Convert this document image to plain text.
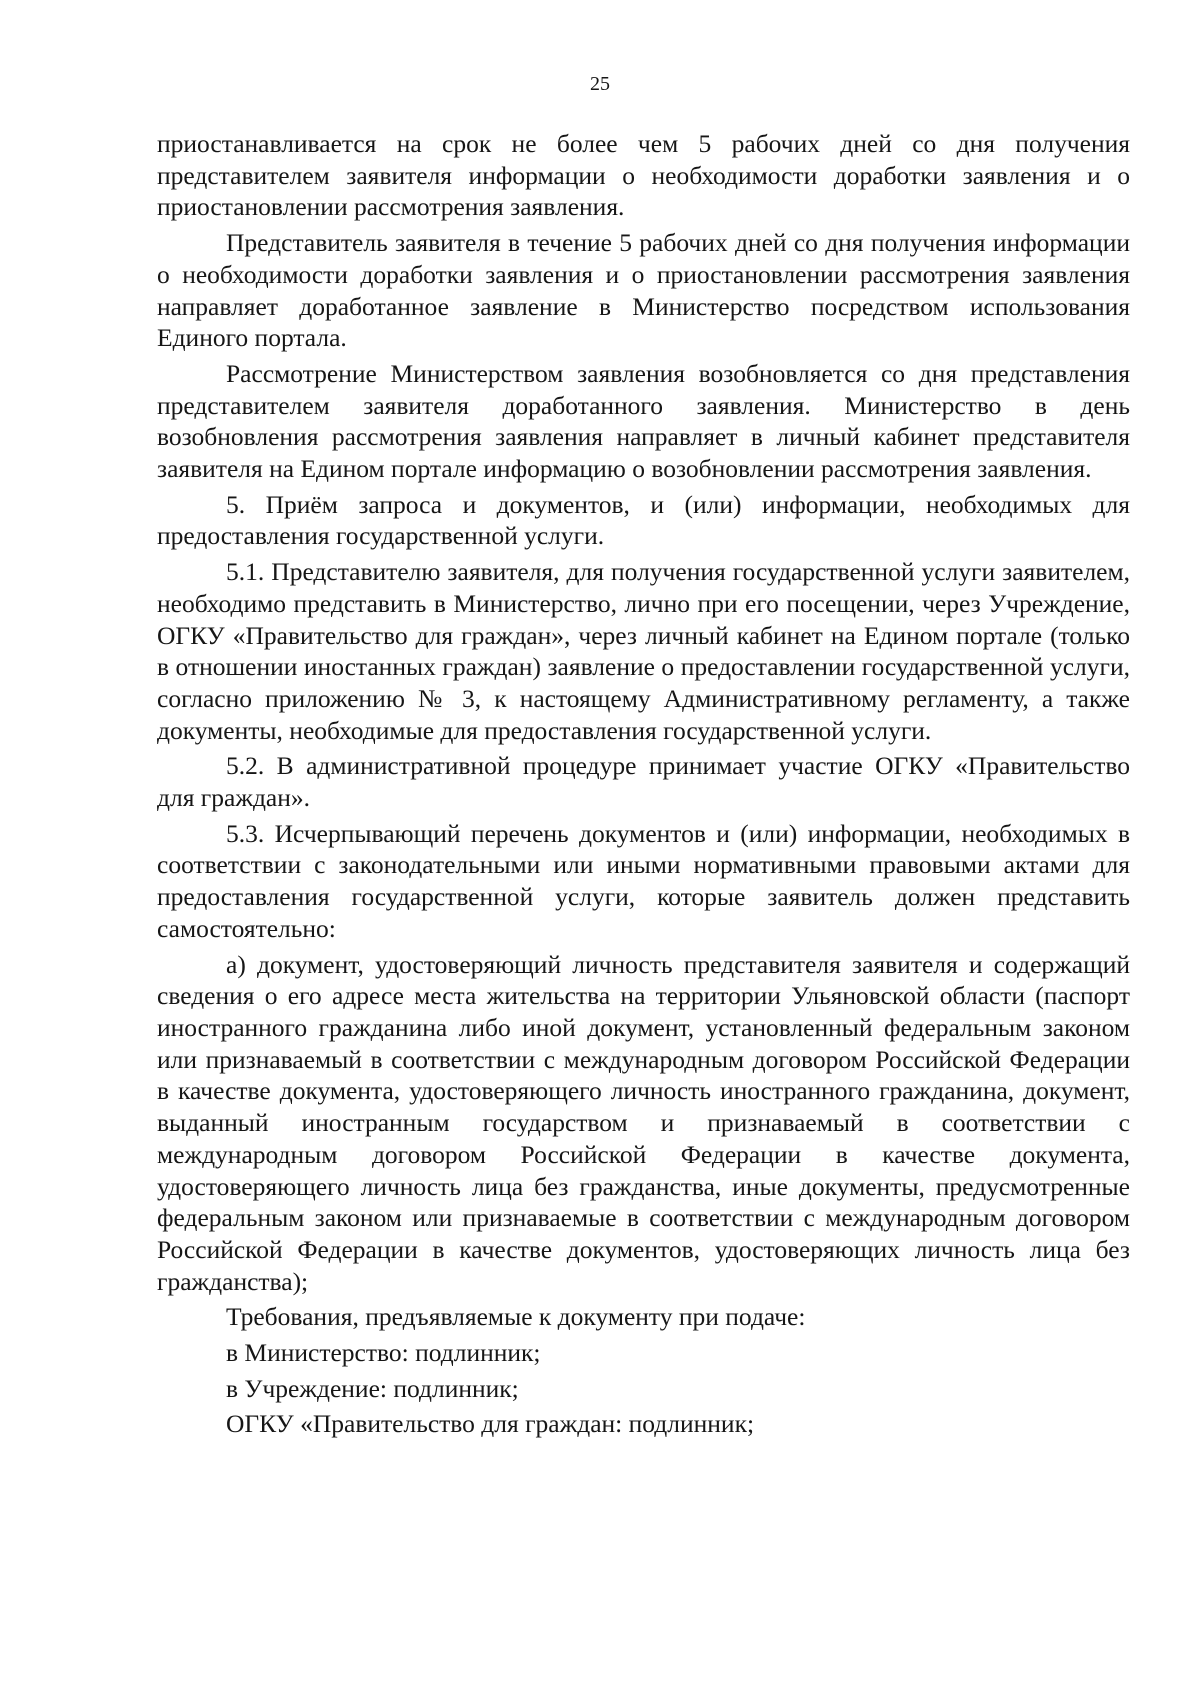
25

приостанавливается на срок не более чем 5 рабочих дней со дня получения представителем заявителя информации о необходимости доработки заявления и о приостановлении рассмотрения заявления.

Представитель заявителя в течение 5 рабочих дней со дня получения информации о необходимости доработки заявления и о приостановлении рассмотрения заявления направляет доработанное заявление в Министерство посредством использования Единого портала.

Рассмотрение Министерством заявления возобновляется со дня представления представителем заявителя доработанного заявления. Министерство в день возобновления рассмотрения заявления направляет в личный кабинет представителя заявителя на Едином портале информацию о возобновлении рассмотрения заявления.

5. Приём запроса и документов, и (или) информации, необходимых для предоставления государственной услуги.

5.1. Представителю заявителя, для получения государственной услуги заявителем, необходимо представить в Министерство, лично при его посещении, через Учреждение, ОГКУ «Правительство для граждан», через личный кабинет на Едином портале (только в отношении иностанных граждан) заявление о предоставлении государственной услуги, согласно приложению № 3, к настоящему Административному регламенту, а также документы, необходимые для предоставления государственной услуги.

5.2. В административной процедуре принимает участие ОГКУ «Правительство для граждан».

5.3. Исчерпывающий перечень документов и (или) информации, необходимых в соответствии с законодательными или иными нормативными правовыми актами для предоставления государственной услуги, которые заявитель должен представить самостоятельно:

а) документ, удостоверяющий личность представителя заявителя и содержащий сведения о его адресе места жительства на территории Ульяновской области (паспорт иностранного гражданина либо иной документ, установленный федеральным законом или признаваемый в соответствии с международным договором Российской Федерации в качестве документа, удостоверяющего личность иностранного гражданина, документ, выданный иностранным государством и признаваемый в соответствии с международным договором Российской Федерации в качестве документа, удостоверяющего личность лица без гражданства, иные документы, предусмотренные федеральным законом или признаваемые в соответствии с международным договором Российской Федерации в качестве документов, удостоверяющих личность лица без гражданства);

Требования, предъявляемые к документу при подаче:

в Министерство: подлинник;

в Учреждение: подлинник;

ОГКУ «Правительство для граждан: подлинник;
